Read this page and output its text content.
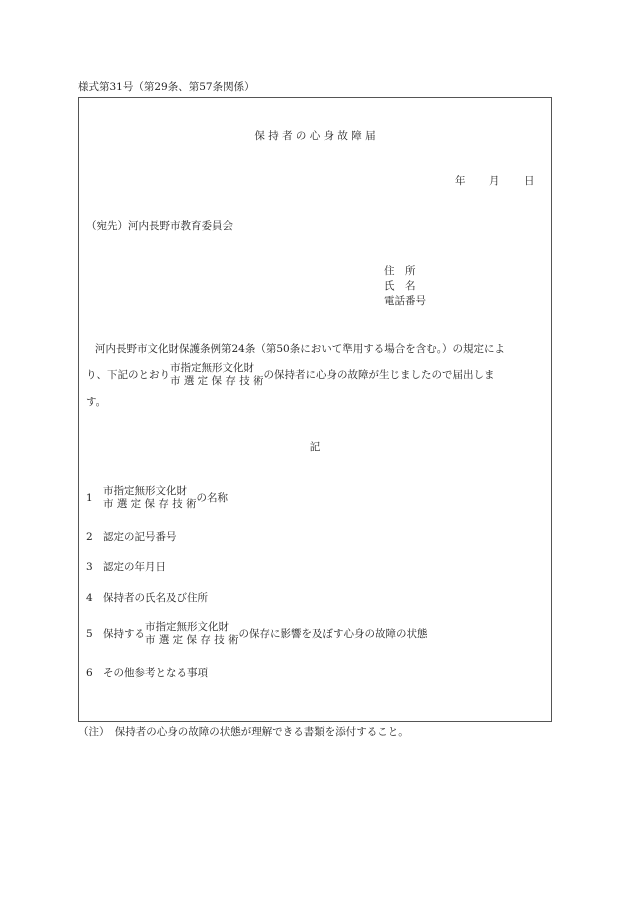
様式第31号（第29条、第57条関係）
保 持 者 の 心 身 故 障 届
年 月 日
（宛先）河内長野市教育委員会
住　所
氏　名
電話番号
河内長野市文化財保護条例第24条（第50条において準用する場合を含む。）の規定によ
り、下記のとおり
市指定無形文化財
市 選 定 保 存 技 術
の保持者に心身の故障が生じましたので届出しま
す。
記
1
市指定無形文化財
市 選 定 保 存 技 術
の名称
2 認定の記号番号
3 認定の年月日
4 保持者の氏名及び住所
5 保持する
市指定無形文化財
市 選 定 保 存 技 術
の保存に影響を及ぼす心身の故障の状態
6 その他参考となる事項
（注）　保持者の心身の故障の状態が理解できる書類を添付すること。
